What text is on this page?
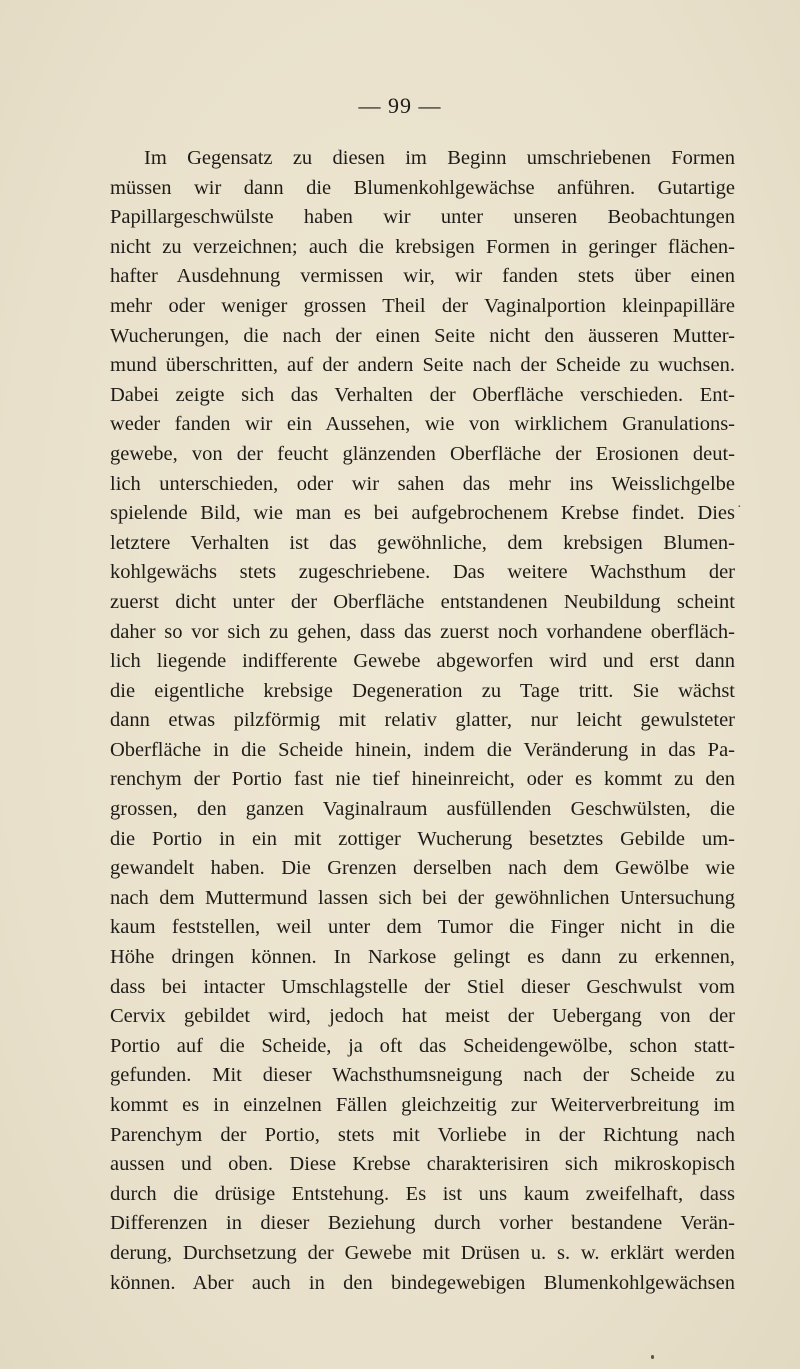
— 99 —
Im Gegensatz zu diesen im Beginn umschriebenen Formen
müssen wir dann die Blumenkohlgewächse anführen. Gutartige
Papillargeschwülste haben wir unter unseren Beobachtungen
nicht zu verzeichnen; auch die krebsigen Formen in geringer flächen-
hafter Ausdehnung vermissen wir, wir fanden stets über einen
mehr oder weniger grossen Theil der Vaginalportion kleinpapilläre
Wucherungen, die nach der einen Seite nicht den äusseren Mutter-
mund überschritten, auf der andern Seite nach der Scheide zu wuchsen.
Dabei zeigte sich das Verhalten der Oberfläche verschieden. Ent-
weder fanden wir ein Aussehen, wie von wirklichem Granulations-
gewebe, von der feucht glänzenden Oberfläche der Erosionen deut-
lich unterschieden, oder wir sahen das mehr ins Weisslichgelbe
spielende Bild, wie man es bei aufgebrochenem Krebse findet. Dies
letztere Verhalten ist das gewöhnliche, dem krebsigen Blumen-
kohlgewächs stets zugeschriebene. Das weitere Wachsthum der
zuerst dicht unter der Oberfläche entstandenen Neubildung scheint
daher so vor sich zu gehen, dass das zuerst noch vorhandene oberfläch-
lich liegende indifferente Gewebe abgeworfen wird und erst dann
die eigentliche krebsige Degeneration zu Tage tritt. Sie wächst
dann etwas pilzförmig mit relativ glatter, nur leicht gewulsteter
Oberfläche in die Scheide hinein, indem die Veränderung in das Pa-
renchym der Portio fast nie tief hineinreicht, oder es kommt zu den
grossen, den ganzen Vaginalraum ausfüllenden Geschwülsten, die
die Portio in ein mit zottiger Wucherung besetztes Gebilde um-
gewandelt haben. Die Grenzen derselben nach dem Gewölbe wie
nach dem Muttermund lassen sich bei der gewöhnlichen Untersuchung
kaum feststellen, weil unter dem Tumor die Finger nicht in die
Höhe dringen können. In Narkose gelingt es dann zu erkennen,
dass bei intacter Umschlagstelle der Stiel dieser Geschwulst vom
Cervix gebildet wird, jedoch hat meist der Uebergang von der
Portio auf die Scheide, ja oft das Scheidengewölbe, schon statt-
gefunden. Mit dieser Wachsthumsneigung nach der Scheide zu
kommt es in einzelnen Fällen gleichzeitig zur Weiterverbreitung im
Parenchym der Portio, stets mit Vorliebe in der Richtung nach
aussen und oben. Diese Krebse charakterisiren sich mikroskopisch
durch die drüsige Entstehung. Es ist uns kaum zweifelhaft, dass
Differenzen in dieser Beziehung durch vorher bestandene Verän-
derung, Durchsetzung der Gewebe mit Drüsen u. s. w. erklärt werden
können. Aber auch in den bindegewebigen Blumenkohlgewächsen
·
